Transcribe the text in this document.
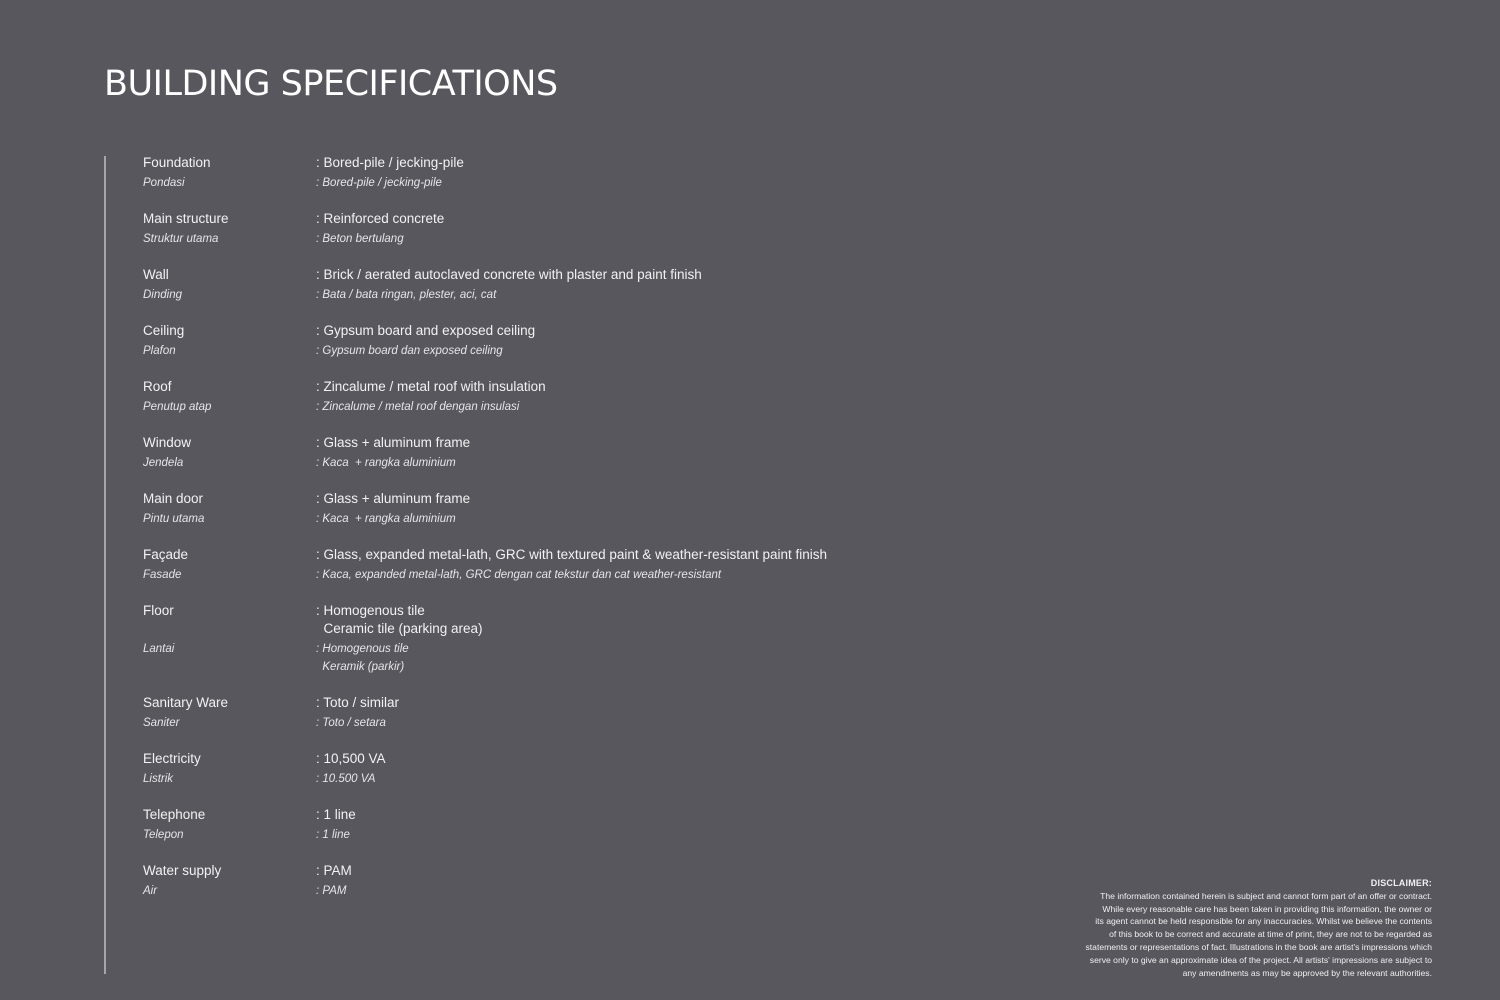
BUILDING SPECIFICATIONS
Foundation	: Bored-pile / jecking-pile
Pondasi	: Bored-pile / jecking-pile
Main structure	: Reinforced concrete
Struktur utama	: Beton bertulang
Wall	: Brick / aerated autoclaved concrete with plaster and paint finish
Dinding	: Bata / bata ringan, plester, aci, cat
Ceiling	: Gypsum board and exposed ceiling
Plafon	: Gypsum board dan exposed ceiling
Roof	: Zincalume / metal roof with insulation
Penutup atap	: Zincalume / metal roof dengan insulasi
Window	: Glass + aluminum frame
Jendela	: Kaca  + rangka aluminium
Main door	: Glass + aluminum frame
Pintu utama	: Kaca  + rangka aluminium
Façade	: Glass, expanded metal-lath, GRC with textured paint & weather-resistant paint finish
Fasade	: Kaca, expanded metal-lath, GRC dengan cat tekstur dan cat weather-resistant
Floor	: Homogenous tile
Ceramic tile (parking area)
Lantai	: Homogenous tile
Keramik (parkir)
Sanitary Ware	: Toto / similar
Saniter	: Toto / setara
Electricity	: 10,500 VA
Listrik	: 10.500 VA
Telephone	: 1 line
Telepon	: 1 line
Water supply	: PAM
Air	: PAM
DISCLAIMER:
The information contained herein is subject and cannot form part of an offer or contract.
While every reasonable care has been taken in providing this information, the owner or
its agent cannot be held responsible for any inaccuracies. Whilst we believe the contents
of this book to be correct and accurate at time of print, they are not to be regarded as
statements or representations of fact. Illustrations in the book are artist's impressions which
serve only to give an approximate idea of the project. All artists' impressions are subject to
any amendments as may be approved by the relevant authorities.
